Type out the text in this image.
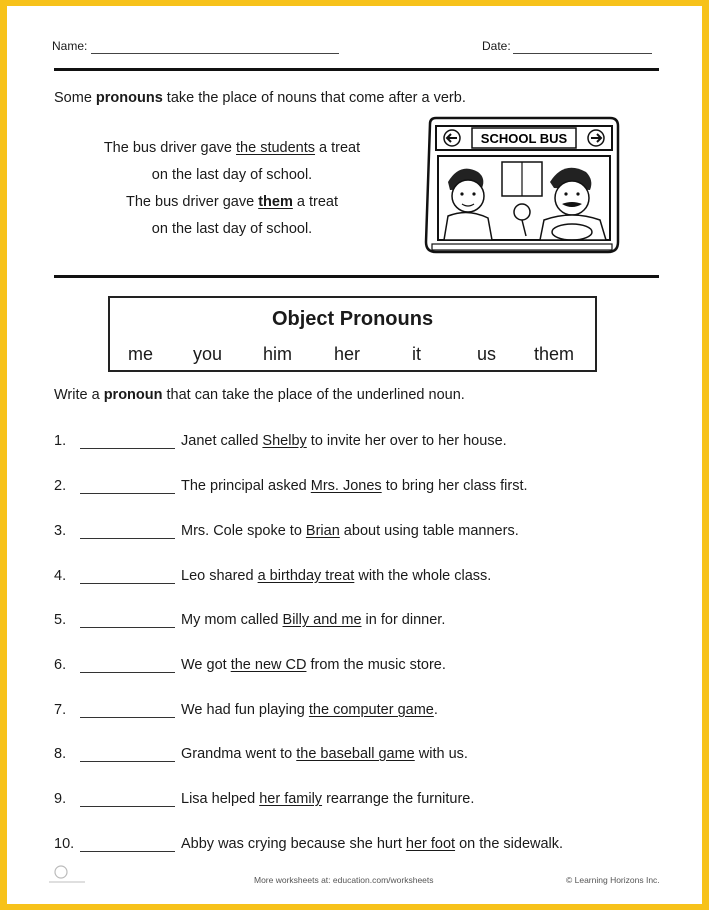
Name:	Date:
Some pronouns take the place of nouns that come after a verb.
The bus driver gave the students a treat
on the last day of school.
The bus driver gave them a treat
on the last day of school.
SCHOOL BUS
Object Pronouns
me you him her	it	us them
Write a pronoun that can take the place of the underlined noun.
1.	Janet called Shelby to invite her over to her house.
2.	The principal asked Mrs. Jones to bring her class first.
3.	Mrs. Cole spoke to Brian about using table manners.
4.	Leo shared a birthday treat with the whole class.
5.	My mom called Billy and me in for dinner.
6.	We got the new CD from the music store.
7.	We had fun playing the computer game.
8.	Grandma went to the baseball game with us.
9.	Lisa helped her family rearrange the furniture.
10.	Abby was crying because she hurt her foot on the sidewalk.
More worksheets at: education.com/worksheets	© Learning Horizons Inc.
